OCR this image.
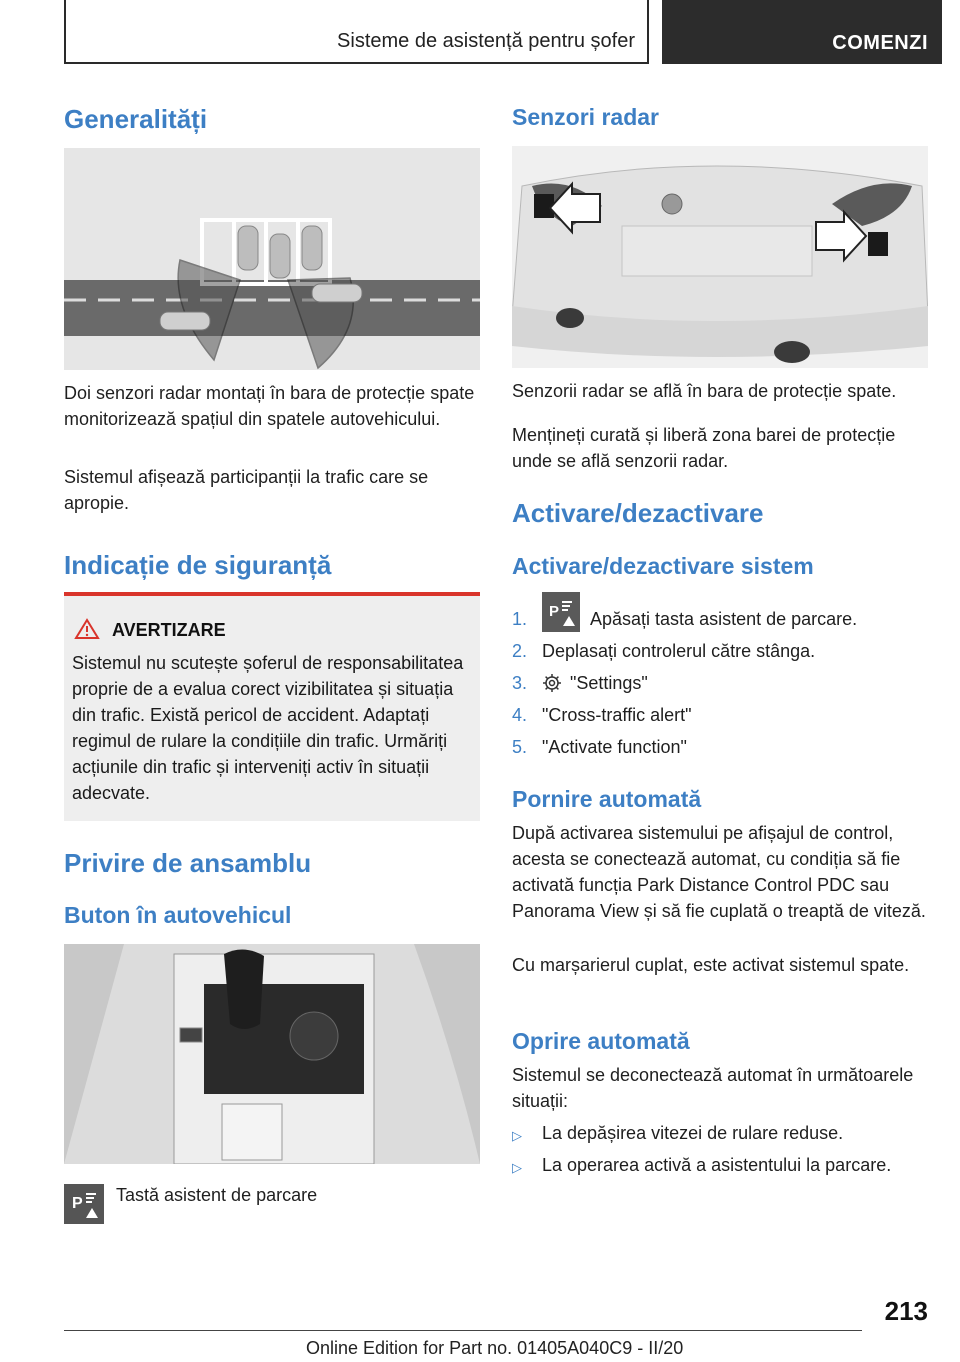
Sisteme de asistență pentru șofer	COMENZI
Generalități
Doi senzori radar montați în bara de protecție spate monitorizează spațiul din spatele autovehicului.
Sistemul afișează participanții la trafic care se apropie.
Indicație de siguranță
AVERTIZARE
Sistemul nu scutește șoferul de responsabilitatea proprie de a evalua corect vizibilitatea și situația din trafic. Există pericol de accident. Adaptați regimul de rulare la condițiile din trafic. Urmăriți acțiunile din trafic și interveniți activ în situații adecvate.
Privire de ansamblu
Buton în autovehicul
P Tastă asistent de parcare
Senzori radar
Senzorii radar se află în bara de protecție spate.
Mențineți curată și liberă zona barei de protecție unde se află senzorii radar.
Activare/dezactivare
Activare/dezactivare sistem
1. P Apăsați tasta asistent de parcare.
2. Deplasați controlerul către stânga.
3. "Settings"
4. "Cross-traffic alert"
5. "Activate function"
Pornire automată
După activarea sistemului pe afișajul de control, acesta se conectează automat, cu condiția să fie activată funcția Park Distance Control PDC sau Panorama View și să fie cuplată o treaptă de viteză.
Cu marșarierul cuplat, este activat sistemul spate.
Oprire automată
Sistemul se deconectează automat în următoarele situații:
▷ La depășirea vitezei de rulare reduse.
▷ La operarea activă a asistentului la parcare.
213
Online Edition for Part no. 01405A040C9 - II/20
